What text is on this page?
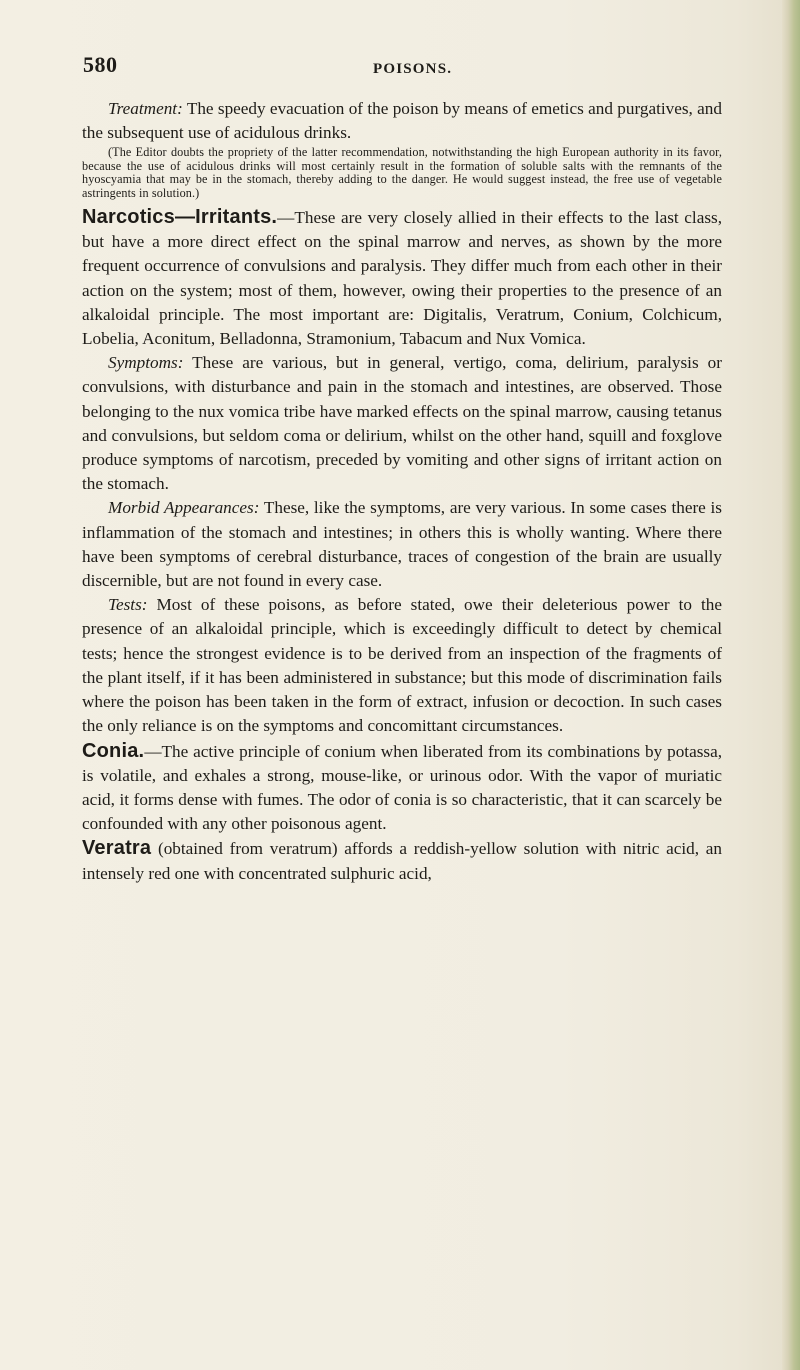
580	POISONS.

Treatment: The speedy evacuation of the poison by means of emetics and purgatives, and the subsequent use of acidulous drinks.

(The Editor doubts the propriety of the latter recommendation, notwithstanding the high European authority in its favor, because the use of acidulous drinks will most certainly result in the formation of soluble salts with the remnants of the hyoscyamia that may be in the stomach, thereby adding to the danger. He would suggest instead, the free use of vegetable astringents in solution.)

Narcotics—Irritants.—These are very closely allied in their effects to the last class, but have a more direct effect on the spinal marrow and nerves, as shown by the more frequent occurrence of convulsions and paralysis. They differ much from each other in their action on the system; most of them, however, owing their properties to the presence of an alkaloidal principle. The most important are: Digitalis, Veratrum, Conium, Colchicum, Lobelia, Aconitum, Belladonna, Stramonium, Tabacum and Nux Vomica.

Symptoms: These are various, but in general, vertigo, coma, delirium, paralysis or convulsions, with disturbance and pain in the stomach and intestines, are observed. Those belonging to the nux vomica tribe have marked effects on the spinal marrow, causing tetanus and convulsions, but seldom coma or delirium, whilst on the other hand, squill and foxglove produce symptoms of narcotism, preceded by vomiting and other signs of irritant action on the stomach.

Morbid Appearances: These, like the symptoms, are very various. In some cases there is inflammation of the stomach and intestines; in others this is wholly wanting. Where there have been symptoms of cerebral disturbance, traces of congestion of the brain are usually discernible, but are not found in every case.

Tests: Most of these poisons, as before stated, owe their deleterious power to the presence of an alkaloidal principle, which is exceedingly difficult to detect by chemical tests; hence the strongest evidence is to be derived from an inspection of the fragments of the plant itself, if it has been administered in substance; but this mode of discrimination fails where the poison has been taken in the form of extract, infusion or decoction. In such cases the only reliance is on the symptoms and concomittant circumstances.

Conia.—The active principle of conium when liberated from its combinations by potassa, is volatile, and exhales a strong, mouse-like, or urinous odor. With the vapor of muriatic acid, it forms dense with fumes. The odor of conia is so characteristic, that it can scarcely be confounded with any other poisonous agent.

Veratra (obtained from veratrum) affords a reddish-yellow solution with nitric acid, an intensely red one with concentrated sulphuric acid,
